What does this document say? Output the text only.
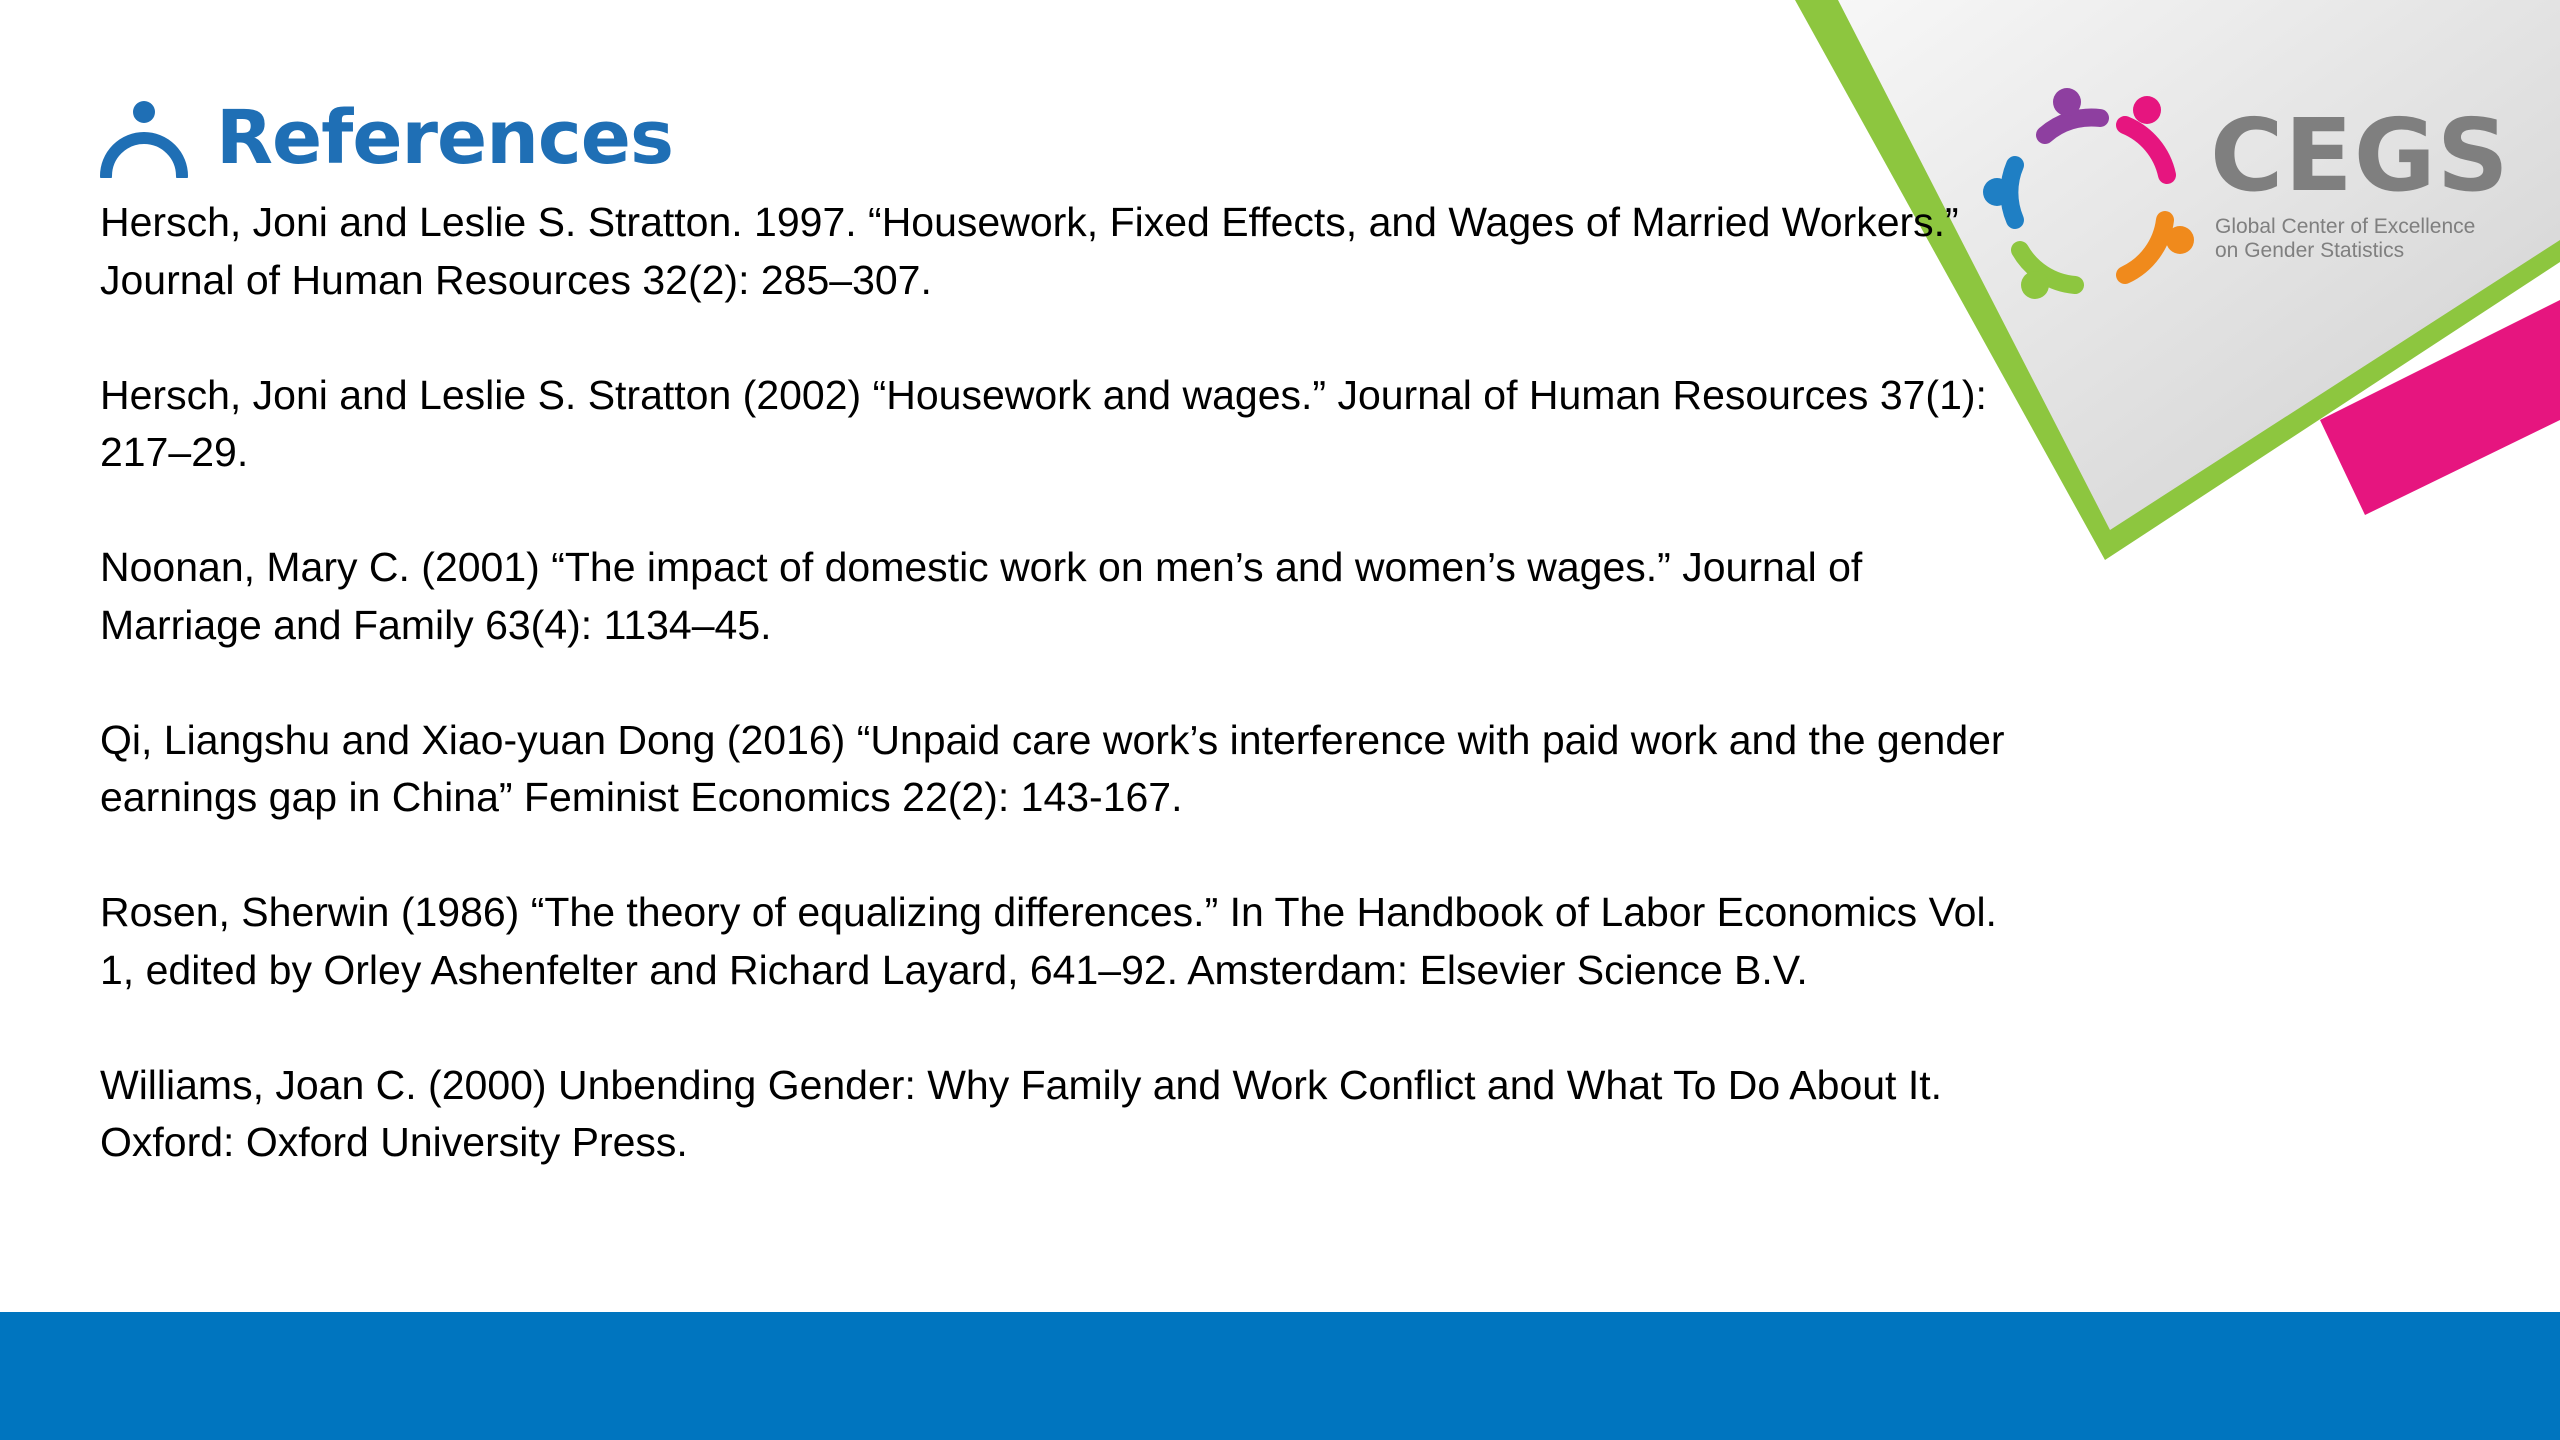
CEGS
Global Center of Excellence
on Gender Statistics
References
Hersch, Joni and Leslie S. Stratton. 1997. “Housework, Fixed Effects, and Wages of Married Workers.” Journal of Human Resources 32(2): 285–307.
Hersch, Joni and Leslie S. Stratton (2002) “Housework and wages.” Journal of Human Resources 37(1): 217–29.
Noonan, Mary C. (2001) “The impact of domestic work on men’s and women’s wages.” Journal of Marriage and Family 63(4): 1134–45.
Qi, Liangshu and Xiao-yuan Dong (2016) “Unpaid care work’s interference with paid work and the gender earnings gap in China” Feminist Economics 22(2): 143-167.
Rosen, Sherwin (1986) “The theory of equalizing differences.” In The Handbook of Labor Economics Vol. 1, edited by Orley Ashenfelter and Richard Layard, 641–92. Amsterdam: Elsevier Science B.V.
Williams, Joan C. (2000) Unbending Gender: Why Family and Work Conflict and What To Do About It. Oxford: Oxford University Press.
